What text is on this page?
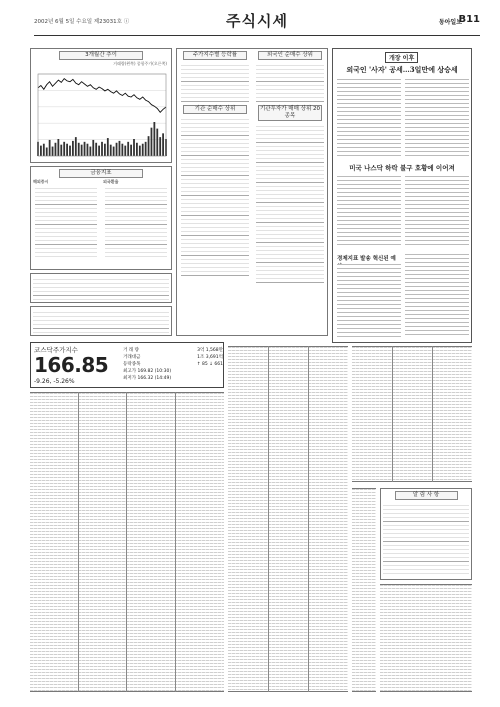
2002년 6월 5일 수요일 제23031호 ⓘ	주식시세	동아일보
B11
3개월간 추이
거래량(왼쪽) 종합주가(오른쪽)
금융지표
해외증시	외국환율
주가지수별 등락률
기관 순매수 상위
외국인 순매수 상위
기관투자가 매매 상위 20종목
개장 이후
외국인 '사자' 공세…3일만에 상승세
미국 나스닥 하락 불구 호황에 이어져
경제지표 발송 혁신된 예
코스닥주가지수
166.85
-9.26, -5.26%
거 래 량	3억 1,568만
거래대금	1조 3,691억
등락종목	↑ 85 ↓ 661
최고가 169.82 (10:30)
최저가 166.32 (14:49)
알 림 사 항
